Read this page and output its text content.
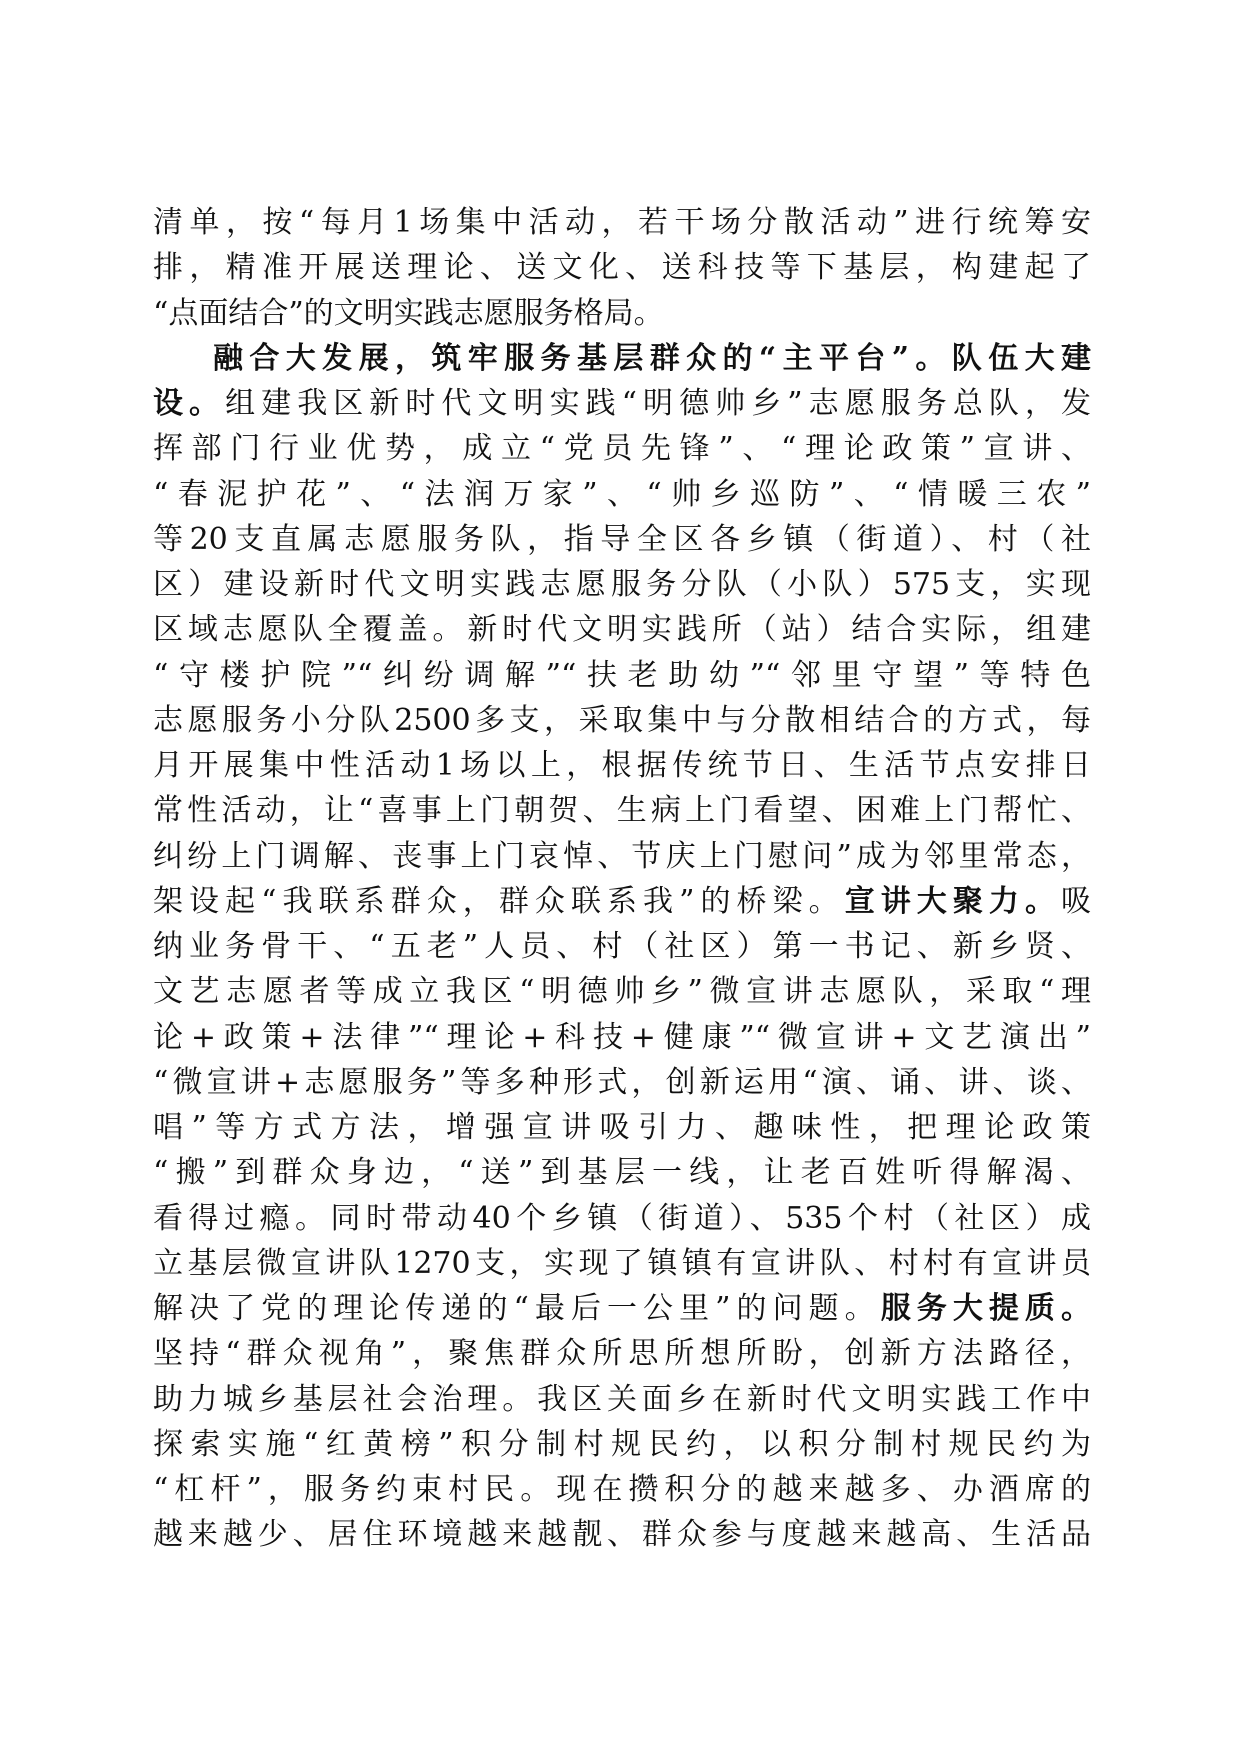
清单，按“每月1场集中活动，若干场分散活动”进行统筹安
排，精准开展送理论、送文化、送科技等下基层，构建起了
“点面结合”的文明实践志愿服务格局。
融合大发展，筑牢服务基层群众的“主平台”。队伍大建
设。组建我区新时代文明实践“明德帅乡”志愿服务总队，发
挥部门行业优势，成立“党员先锋”、“理论政策”宣讲、
“春泥护花”、“法润万家”、“帅乡巡防”、“情暖三农”
等20支直属志愿服务队，指导全区各乡镇（街道）、村（社
区）建设新时代文明实践志愿服务分队（小队）575支，实现
区域志愿队全覆盖。新时代文明实践所（站）结合实际，组建
“守楼护院”“纠纷调解”“扶老助幼”“邻里守望”等特色
志愿服务小分队2500多支，采取集中与分散相结合的方式，每
月开展集中性活动1场以上，根据传统节日、生活节点安排日
常性活动，让“喜事上门朝贺、生病上门看望、困难上门帮忙、
纠纷上门调解、丧事上门哀悼、节庆上门慰问”成为邻里常态，
架设起“我联系群众，群众联系我”的桥梁。宣讲大聚力。吸
纳业务骨干、“五老”人员、村（社区）第一书记、新乡贤、
文艺志愿者等成立我区“明德帅乡”微宣讲志愿队，采取“理
论+政策+法律”“理论+科技+健康”“微宣讲+文艺演出”
“微宣讲+志愿服务”等多种形式，创新运用“演、诵、讲、谈、
唱”等方式方法，增强宣讲吸引力、趣味性，把理论政策
“搬”到群众身边，“送”到基层一线，让老百姓听得解渴、
看得过瘾。同时带动40个乡镇（街道）、535个村（社区）成
立基层微宣讲队1270支，实现了镇镇有宣讲队、村村有宣讲员
解决了党的理论传递的“最后一公里”的问题。服务大提质。
坚持“群众视角”，聚焦群众所思所想所盼，创新方法路径，
助力城乡基层社会治理。我区关面乡在新时代文明实践工作中
探索实施“红黄榜”积分制村规民约，以积分制村规民约为
“杠杆”，服务约束村民。现在攒积分的越来越多、办酒席的
越来越少、居住环境越来越靓、群众参与度越来越高、生活品
